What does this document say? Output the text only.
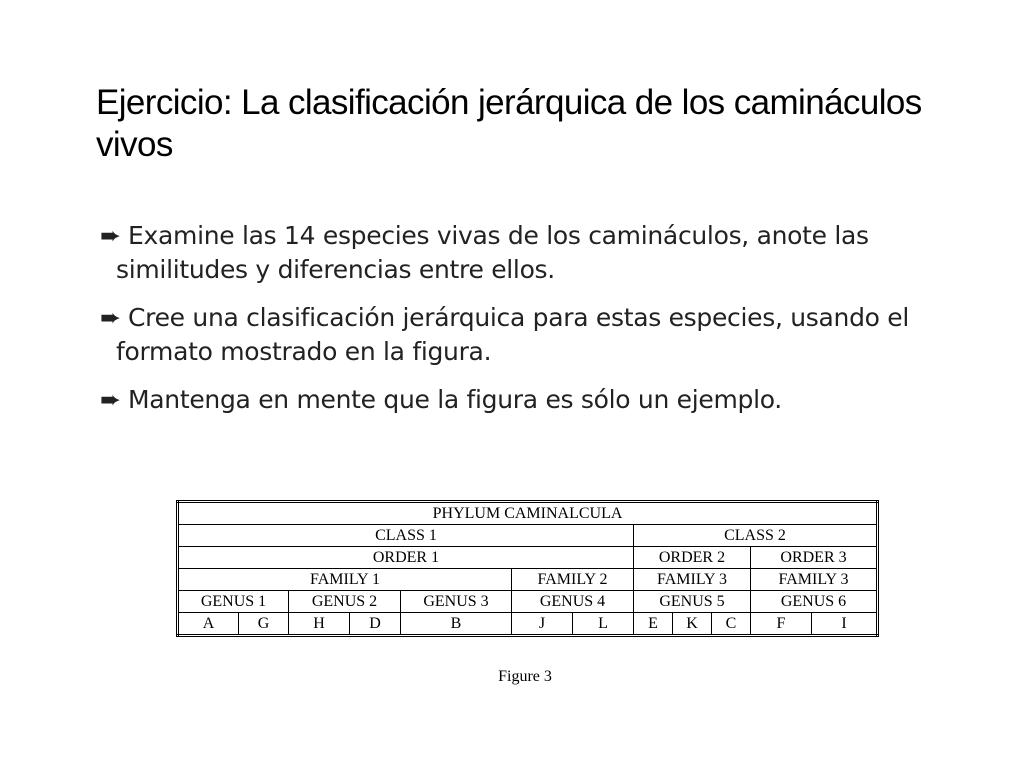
Ejercicio: La clasificación jerárquica de los camináculos vivos
➨ Examine las 14 especies vivas de los camináculos, anote las similitudes y diferencias entre ellos.
➨ Cree una clasificación jerárquica para estas especies, usando el formato mostrado en la figura.
➨ Mantenga en mente que la figura es sólo un ejemplo.
PHYLUM CAMINALCULA											
CLASS 1							CLASS 2				
ORDER 1							ORDER 2			ORDER 3	
FAMILY 1					FAMILY 2		FAMILY 3			FAMILY 3	
GENUS 1		GENUS 2		GENUS 3	GENUS 4		GENUS 5			GENUS 6	
A	G	H	D	B	J	L	E	K	C	F	I
Figure 3
